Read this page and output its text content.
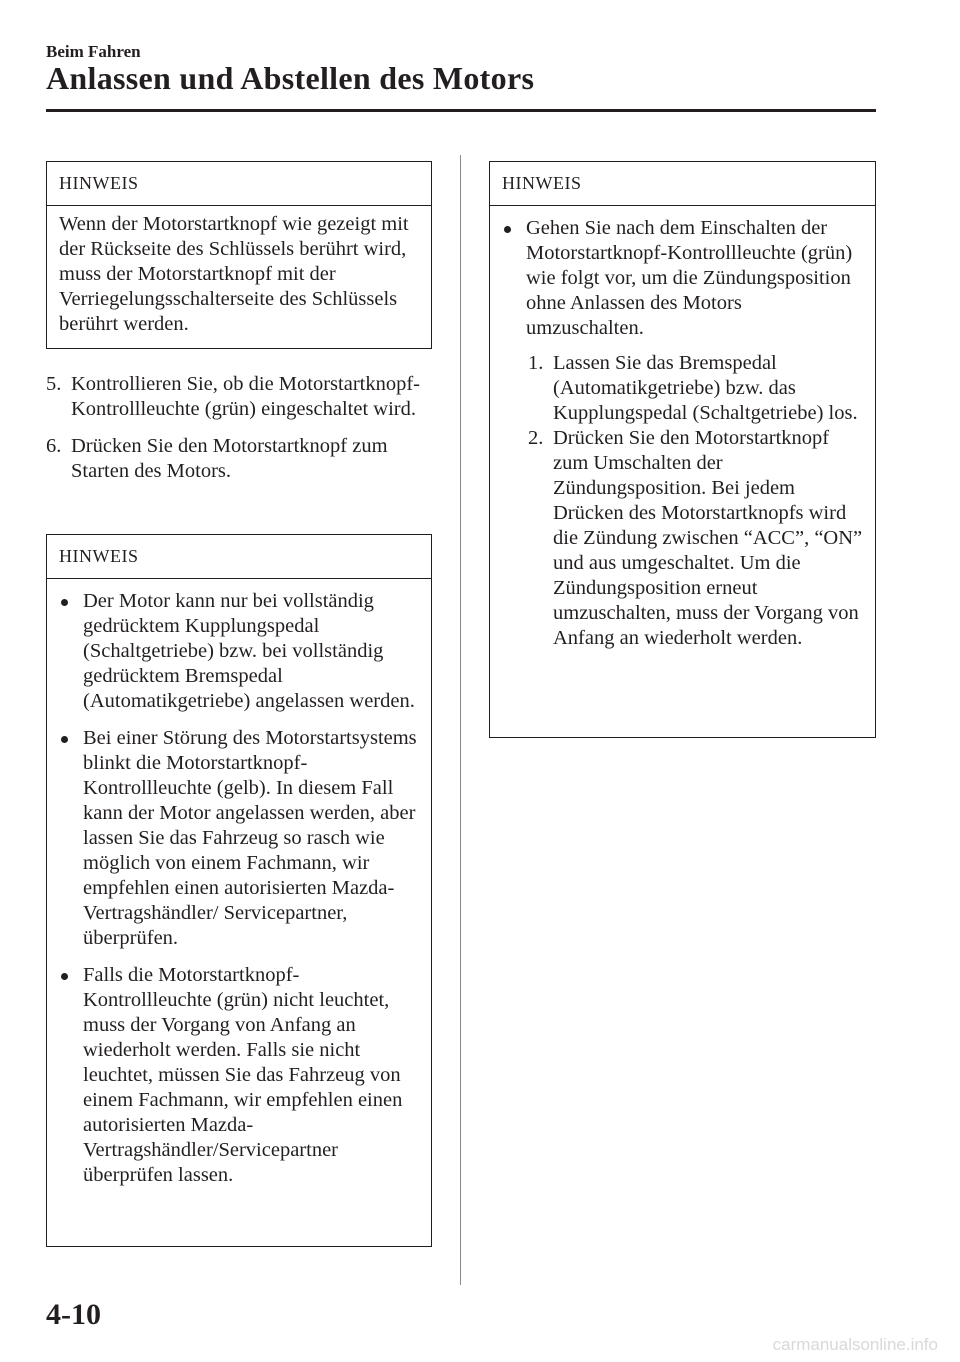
Beim Fahren
Anlassen und Abstellen des Motors
HINWEIS

Wenn der Motorstartknopf wie gezeigt mit der Rückseite des Schlüssels berührt wird, muss der Motorstartknopf mit der Verriegelungsschalterseite des Schlüssels berührt werden.

5. Kontrollieren Sie, ob die Motorstartknopf-Kontrollleuchte (grün) eingeschaltet wird.
6. Drücken Sie den Motorstartknopf zum Starten des Motors.
HINWEIS
Der Motor kann nur bei vollständig gedrücktem Kupplungspedal (Schaltgetriebe) bzw. bei vollständig gedrücktem Bremspedal (Automatikgetriebe) angelassen werden.
Bei einer Störung des Motorstartsystems blinkt die Motorstartknopf-Kontrollleuchte (gelb). In diesem Fall kann der Motor angelassen werden, aber lassen Sie das Fahrzeug so rasch wie möglich von einem Fachmann, wir empfehlen einen autorisierten Mazda-Vertragshändler/ Servicepartner, überprüfen.
Falls die Motorstartknopf-Kontrollleuchte (grün) nicht leuchtet, muss der Vorgang von Anfang an wiederholt werden. Falls sie nicht leuchtet, müssen Sie das Fahrzeug von einem Fachmann, wir empfehlen einen autorisierten Mazda-Vertragshändler/Servicepartner überprüfen lassen.
HINWEIS
Gehen Sie nach dem Einschalten der Motorstartknopf-Kontrollleuchte (grün) wie folgt vor, um die Zündungsposition ohne Anlassen des Motors umzuschalten.
1. Lassen Sie das Bremspedal (Automatikgetriebe) bzw. das Kupplungspedal (Schaltgetriebe) los.
2. Drücken Sie den Motorstartknopf zum Umschalten der Zündungsposition. Bei jedem Drücken des Motorstartknopfs wird die Zündung zwischen “ACC”, “ON” und aus umgeschaltet. Um die Zündungsposition erneut umzuschalten, muss der Vorgang von Anfang an wiederholt werden.
4-10
carmanualsonline.info
